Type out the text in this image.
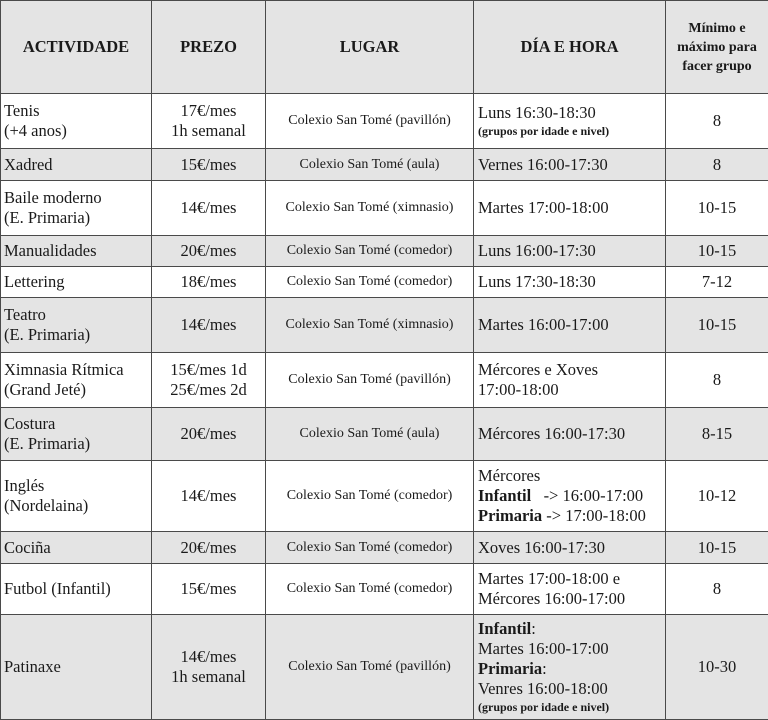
ACTIVIDADE	PREZO	LUGAR	DÍA E HORA	Mínimo e
máximo para
facer grupo

Tenis
(+4 anos)	17€/mes
1h semanal	Colexio San Tomé (pavillón)	Luns 16:30-18:30
(grupos por idade e nivel)	8

Xadred	15€/mes	Colexio San Tomé (aula)	Vernes 16:00-17:30	8

Baile moderno
(E. Primaria)	14€/mes	Colexio San Tomé (ximnasio)	Martes 17:00-18:00	10-15

Manualidades	20€/mes	Colexio San Tomé (comedor)	Luns 16:00-17:30	10-15

Lettering	18€/mes	Colexio San Tomé (comedor)	Luns 17:30-18:30	7-12

Teatro
(E. Primaria)	14€/mes	Colexio San Tomé (ximnasio)	Martes 16:00-17:00	10-15

Ximnasia Rítmica
(Grand Jeté)	15€/mes 1d
25€/mes 2d	Colexio San Tomé (pavillón)	Mércores e Xoves
17:00-18:00	8

Costura
(E. Primaria)	20€/mes	Colexio San Tomé (aula)	Mércores 16:00-17:30	8-15

Inglés
(Nordelaina)	14€/mes	Colexio San Tomé (comedor)	Mércores
Infantil   -> 16:00-17:00
Primaria -> 17:00-18:00	10-12

Cociña	20€/mes	Colexio San Tomé (comedor)	Xoves 16:00-17:30	10-15

Futbol (Infantil)	15€/mes	Colexio San Tomé (comedor)	Martes 17:00-18:00 e
Mércores 16:00-17:00	8

Patinaxe	14€/mes
1h semanal	Colexio San Tomé (pavillón)	Infantil:
Martes 16:00-17:00
Primaria:
Venres 16:00-18:00
(grupos por idade e nivel)	10-30
